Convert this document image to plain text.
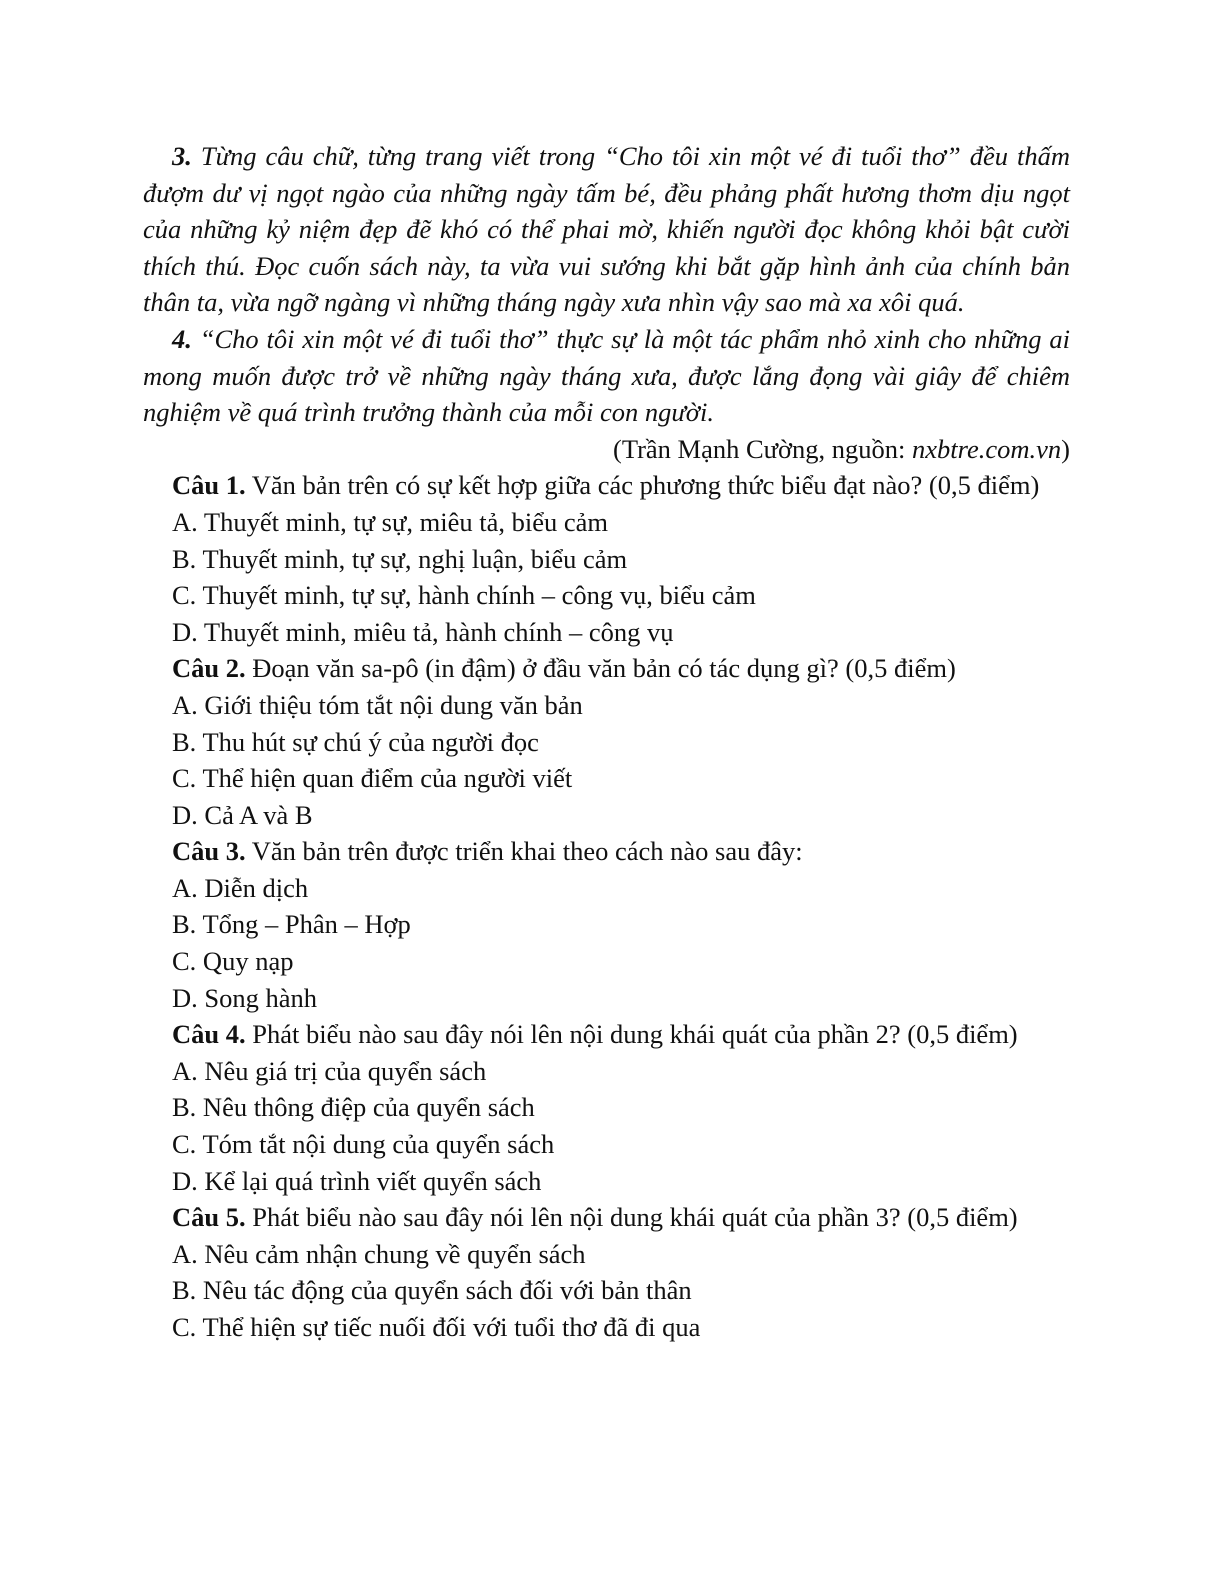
3. Từng câu chữ, từng trang viết trong “Cho tôi xin một vé đi tuổi thơ” đều thấm đượm dư vị ngọt ngào của những ngày tấm bé, đều phảng phất hương thơm dịu ngọt của những kỷ niệm đẹp đẽ khó có thể phai mờ, khiến người đọc không khỏi bật cười thích thú. Đọc cuốn sách này, ta vừa vui sướng khi bắt gặp hình ảnh của chính bản thân ta, vừa ngỡ ngàng vì những tháng ngày xưa nhìn vậy sao mà xa xôi quá.

4. “Cho tôi xin một vé đi tuổi thơ” thực sự là một tác phẩm nhỏ xinh cho những ai mong muốn được trở về những ngày tháng xưa, được lắng đọng vài giây để chiêm nghiệm về quá trình trưởng thành của mỗi con người.

(Trần Mạnh Cường, nguồn: nxbtre.com.vn)

Câu 1. Văn bản trên có sự kết hợp giữa các phương thức biểu đạt nào? (0,5 điểm)

A. Thuyết minh, tự sự, miêu tả, biểu cảm

B. Thuyết minh, tự sự, nghị luận, biểu cảm

C. Thuyết minh, tự sự, hành chính – công vụ, biểu cảm

D. Thuyết minh, miêu tả, hành chính – công vụ

Câu 2. Đoạn văn sa-pô (in đậm) ở đầu văn bản có tác dụng gì? (0,5 điểm)

A. Giới thiệu tóm tắt nội dung văn bản

B. Thu hút sự chú ý của người đọc

C. Thể hiện quan điểm của người viết

D. Cả A và B

Câu 3. Văn bản trên được triển khai theo cách nào sau đây:

A. Diễn dịch

B. Tổng – Phân – Hợp

C. Quy nạp

D. Song hành

Câu 4. Phát biểu nào sau đây nói lên nội dung khái quát của phần 2? (0,5 điểm)

A. Nêu giá trị của quyển sách

B. Nêu thông điệp của quyển sách

C. Tóm tắt nội dung của quyển sách

D. Kể lại quá trình viết quyển sách

Câu 5. Phát biểu nào sau đây nói lên nội dung khái quát của phần 3? (0,5 điểm)

A. Nêu cảm nhận chung về quyển sách

B. Nêu tác động của quyển sách đối với bản thân

C. Thể hiện sự tiếc nuối đối với tuổi thơ đã đi qua
